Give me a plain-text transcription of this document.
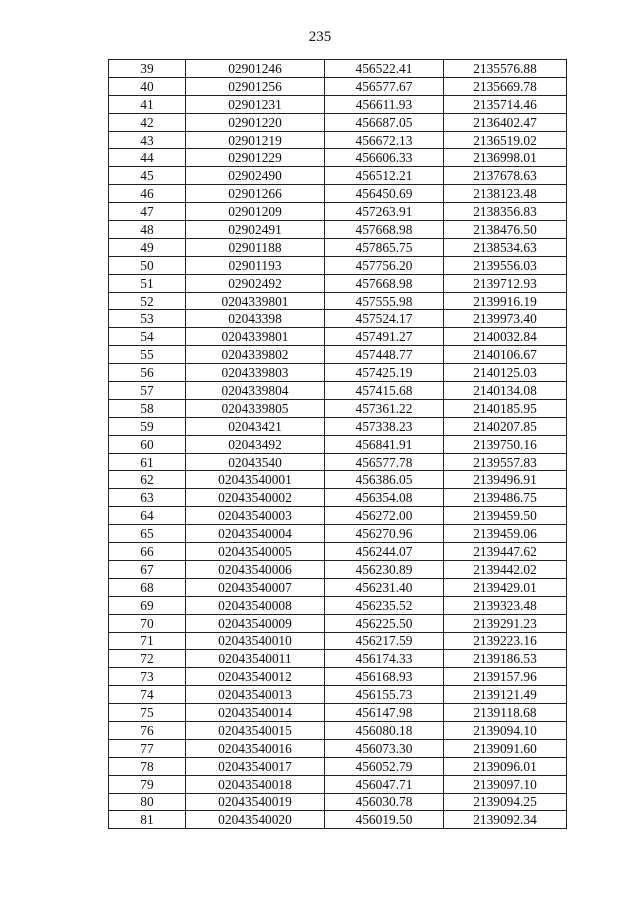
235
39	02901246	456522.41	2135576.88
40	02901256	456577.67	2135669.78
41	02901231	456611.93	2135714.46
42	02901220	456687.05	2136402.47
43	02901219	456672.13	2136519.02
44	02901229	456606.33	2136998.01
45	02902490	456512.21	2137678.63
46	02901266	456450.69	2138123.48
47	02901209	457263.91	2138356.83
48	02902491	457668.98	2138476.50
49	02901188	457865.75	2138534.63
50	02901193	457756.20	2139556.03
51	02902492	457668.98	2139712.93
52	0204339801	457555.98	2139916.19
53	02043398	457524.17	2139973.40
54	0204339801	457491.27	2140032.84
55	0204339802	457448.77	2140106.67
56	0204339803	457425.19	2140125.03
57	0204339804	457415.68	2140134.08
58	0204339805	457361.22	2140185.95
59	02043421	457338.23	2140207.85
60	02043492	456841.91	2139750.16
61	02043540	456577.78	2139557.83
62	02043540001	456386.05	2139496.91
63	02043540002	456354.08	2139486.75
64	02043540003	456272.00	2139459.50
65	02043540004	456270.96	2139459.06
66	02043540005	456244.07	2139447.62
67	02043540006	456230.89	2139442.02
68	02043540007	456231.40	2139429.01
69	02043540008	456235.52	2139323.48
70	02043540009	456225.50	2139291.23
71	02043540010	456217.59	2139223.16
72	02043540011	456174.33	2139186.53
73	02043540012	456168.93	2139157.96
74	02043540013	456155.73	2139121.49
75	02043540014	456147.98	2139118.68
76	02043540015	456080.18	2139094.10
77	02043540016	456073.30	2139091.60
78	02043540017	456052.79	2139096.01
79	02043540018	456047.71	2139097.10
80	02043540019	456030.78	2139094.25
81	02043540020	456019.50	2139092.34
